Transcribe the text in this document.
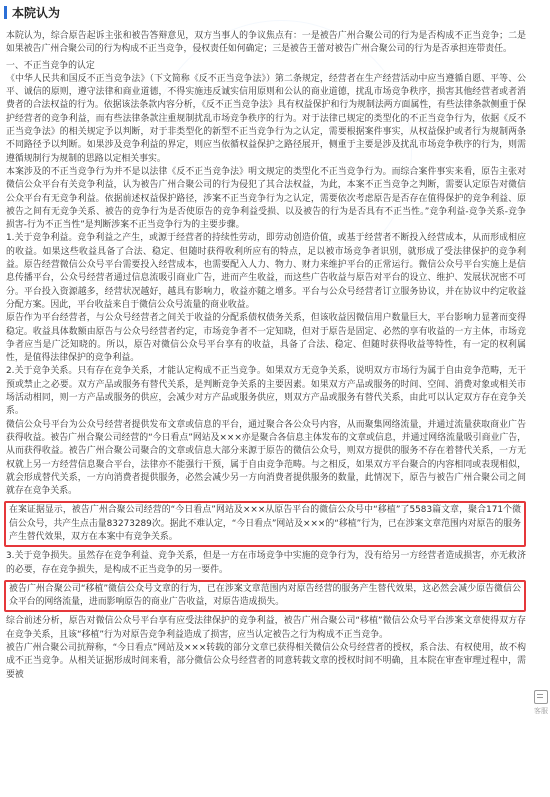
本院认为

本院认为，综合原告起诉主张和被告答辩意见，双方当事人的争议焦点有：一是被告广州合聚公司的行为是否构成不正当竞争；二是如果被告广州合聚公司的行为构成不正当竞争，侵权责任如何确定；三是被告王蕾对被告广州合聚公司的行为是否承担连带责任。

一、不正当竞争的认定

《中华人民共和国反不正当竞争法》（下文简称《反不正当竞争法》）第二条规定，经营者在生产经营活动中应当遵循自愿、平等、公平、诚信的原则，遵守法律和商业道德，不得实施违反诚实信用原则和公认的商业道德，扰乱市场竞争秩序，损害其他经营者或者消费者的合法权益的行为。依据该法条款内容分析，《反不正当竞争法》具有权益保护和行为规制法两方面属性，有些法律条款侧重于保护经营者的竞争利益，而有些法律条款注重规制扰乱市场竞争秩序的行为。对于法律已规定的类型化的不正当竞争行为，依据《反不正当竞争法》的相关规定予以判断，对于非类型化的新型不正当竞争行为之认定，需要根据案件事实，从权益保护或者行为规制两条不同路径予以判断。如果涉及竞争利益的界定，则应当依循权益保护之路径展开，侧重于主要是涉及扰乱市场竞争秩序的行为，则需遵循规制行为规制的思路以定相关事实。

本案涉及的不正当竞争行为并不是以法律《反不正当竞争法》明文规定的类型化不正当竞争行为。而综合案件事实来看，原告主张对微信公众平台有关竞争利益，认为被告广州合聚公司的行为侵犯了其合法权益，为此，本案不正当竞争之判断，需要认定原告对微信公众平台有无竞争利益。依据前述权益保护路径，涉案不正当竞争行为之认定，需要依次考虑原告是否存在值得保护的竞争利益、原被告之间有无竞争关系、被告的竞争行为是否使原告的竞争利益受损、以及被告的行为是否具有不正当性。”竞争利益-竞争关系-竞争损害-行为不正当性”是判断涉案不正当竞争行为的主要步骤。

1.关于竞争利益。竞争利益之产生，或源于经营者的持续性劳动，即劳动创造价值，或基于经营者不断投入经营成本，从而形成相应的收益。如果这些收益具备了合法、稳定、但随时获得收利所应有的特点，足以被市场竞争者识别，就形成了受法律保护的竞争利益。原告经营微信公众号平台需要投入经营成本，也需要配入人力、物力、财力来维护平台的正常运行。微信公众号平台实施上是信息传播平台，公众号经营者通过信息流吸引商业广告，进而产生收益，而这些广告收益与原告对平台的设立、维护、发展状况密不可分。平台投入资源越多，经营状况越好，越具有影响力，收益亦随之增多。平台与公众号经营者订立服务协议，并在协议中约定收益分配方案。因此，平台收益来自于微信公众号流量的商业收益。

原告作为平台经营者，与公众号经营者之间关于收益的分配系债权债务关系，但该收益因微信用户数量巨大，平台影响力显著而变得稳定。收益具体数额由原告与公众号经营者约定，市场竞争者不一定知晓，但对于原告是固定、必然的享有收益的一方主体，市场竞争者应当是广泛知晓的。所以，原告对微信公众号平台享有的收益，具备了合法、稳定、但随时获得收益等特性，有一定的权利属性，是值得法律保护的竞争利益。

2.关于竞争关系。只有存在竞争关系，才能认定构成不正当竞争。如果双方无竞争关系，说明双方市场行为属于自由竞争范畴，无干预或禁止之必要。双方产品或服务有替代关系，是判断竞争关系的主要因素。如果双方产品或服务的时间、空间、消费对象或相关市场活动相同，则一方产品或服务的供应，会减少对方产品或服务供应，则双方产品或服务有替代关系，由此可以认定双方存在竞争关系。

微信公众号平台为公众号经营者提供发布文章或信息的平台，通过聚合各公众号内容，从而聚集网络流量，并通过流量获取商业广告获得收益。被告广州合聚公司经营的“今日看点”网站及×××亦是聚合各信息主体发布的文章或信息，并通过网络流量吸引商业广告，从而获得收益。被告广州合聚公司聚合的文章或信息大部分来源于原告的微信公众号，则双方提供的服务不存在着替代关系，一方无权就上另一方经营信息聚合平台，法律亦不能强行干预，属于自由竞争范畴。与之相反，如果双方平台聚合的内容相同或表现相似，就会形成替代关系，一方向消费者提供服务，必然会减少另一方向消费者提供服务的数量，此情况下，原告与被告广州合聚公司之间就存在竞争关系。

在案证据显示，被告广州合聚公司经营的“今日看点”网站及×××从原告平台的微信公众号中“移植”了5583篇文章，聚合171个微信公众号，共产生点击量83273289次。据此不难认定，“今日看点”网站及×××的“移植”行为，已在涉案文章范围内对原告的服务产生替代效果，双方在本案中有竞争关系。

3.关于竞争损失。虽然存在竞争利益、竞争关系，但是一方在市场竞争中实施的竞争行为，没有给另一方经营者造成损害，亦无救济的必要，存在竞争损失，是构成不正当竞争的另一要件。

被告广州合聚公司“移植”微信公众号文章的行为，已在涉案文章范围内对原告经营的服务产生替代效果，这必然会减少原告微信公众平台的网络流量，进而影响原告的商业广告收益，对原告造成损失。

综合前述分析，原告对微信公众号平台享有应受法律保护的竞争利益，被告广州合聚公司“移植”微信公众号平台涉案文章使得双方存在竞争关系，且该“移植”行为对原告竞争利益造成了损害，应当认定被告之行为构成不正当竞争。

被告广州合聚公司抗辩称，“今日看点”网站及×××转载的部分文章已获得相关微信公众号经营者的授权，系合法、有权使用，故不构成不正当竞争。从相关证据形成时间来看，部分微信公众号经营者的同意转载文章的授权时间不明确，且本院在审查审理过程中，需要被

客服
